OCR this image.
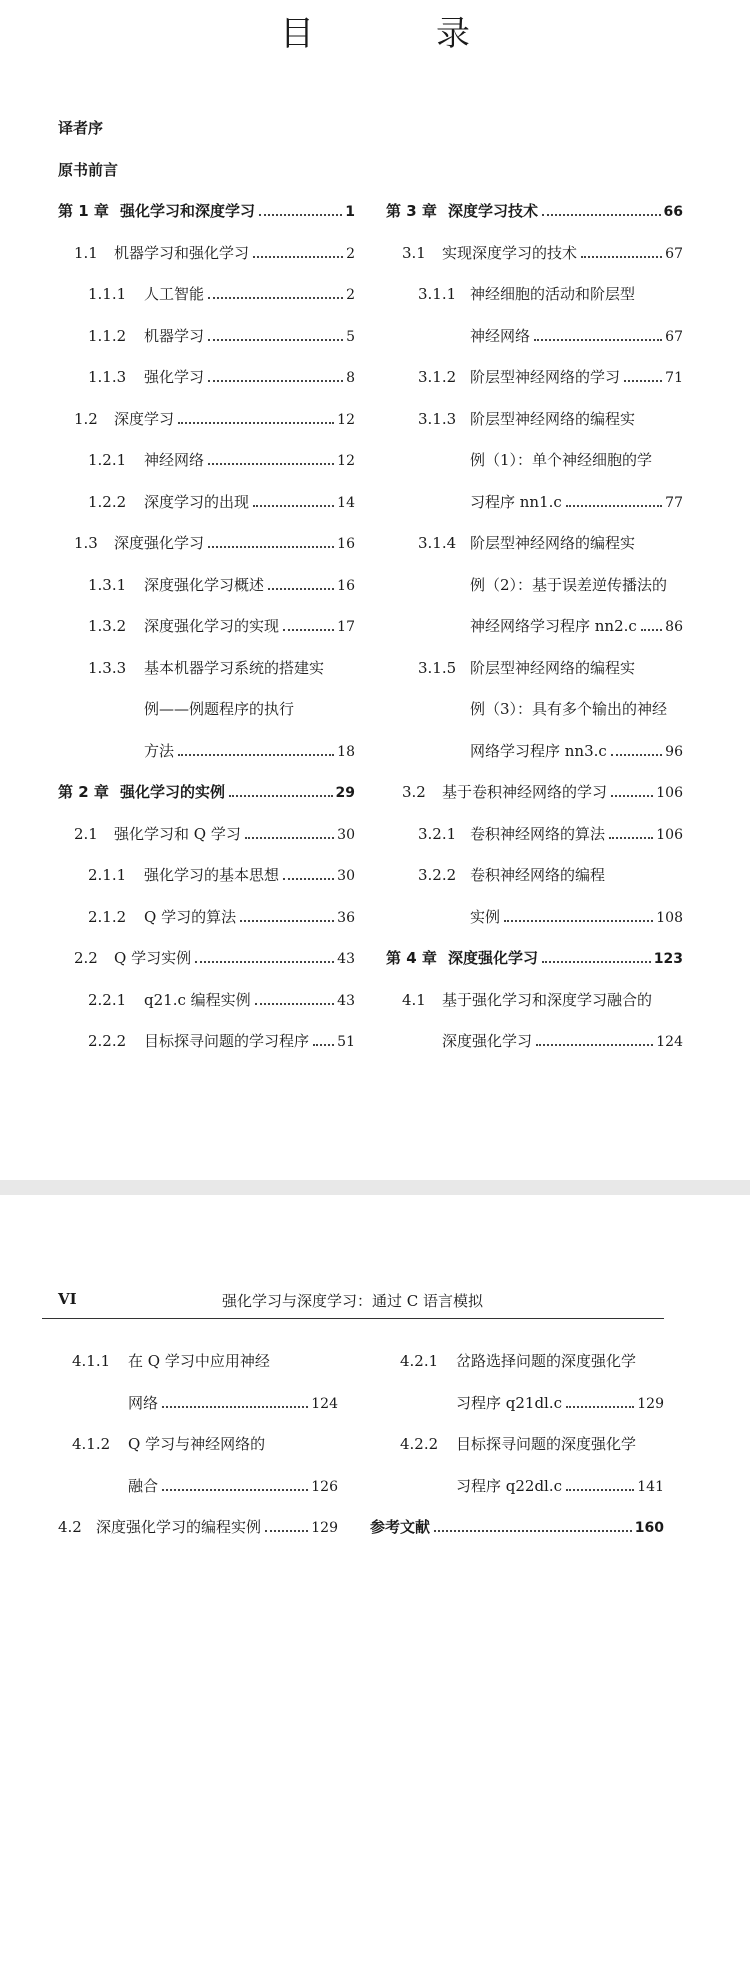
目　录
译者序
原书前言
第 1 章 强化学习和深度学习	1
1.1	机器学习和强化学习	2
1.1.1	人工智能	2
1.1.2	机器学习	5
1.1.3	强化学习	8
1.2	深度学习	12
1.2.1	神经网络	12
1.2.2	深度学习的出现	14
1.3	深度强化学习	16
1.3.1	深度强化学习概述	16
1.3.2	深度强化学习的实现	17
1.3.3	基本机器学习系统的搭建实
例——例题程序的执行
方法	18
第 2 章 强化学习的实例	29
2.1	强化学习和 Q 学习	30
2.1.1	强化学习的基本思想	30
2.1.2	Q 学习的算法	36
2.2	Q 学习实例	43
2.2.1	q21.c 编程实例	43
2.2.2	目标探寻问题的学习程序 51
第 3 章 深度学习技术	66
3.1	实现深度学习的技术	67
3.1.1 神经细胞的活动和阶层型
神经网络	67
3.1.2 阶层型神经网络的学习	71
3.1.3 阶层型神经网络的编程实
例（1）：单个神经细胞的学
习程序 nn1.c	77
3.1.4 阶层型神经网络的编程实
例（2）：基于误差逆传播法的
神经网络学习程序 nn2.c 86
3.1.5 阶层型神经网络的编程实
例（3）：具有多个输出的神经
网络学习程序 nn3.c	96
3.2	基于卷积神经网络的学习	106
3.2.1 卷积神经网络的算法	106
3.2.2 卷积神经网络的编程
实例	108
第 4 章 深度强化学习	123
4.1	基于强化学习和深度学习融合的
深度强化学习	124
VI	强化学习与深度学习：通过 C 语言模拟
4.1.1	在 Q 学习中应用神经
网络	124
4.1.2	Q 学习与神经网络的
融合	126
4.2 深度强化学习的编程实例	129
4.2.1	岔路选择问题的深度强化学
习程序 q21dl.c	129
4.2.2	目标探寻问题的深度强化学
习程序 q22dl.c	141
参考文献	160
